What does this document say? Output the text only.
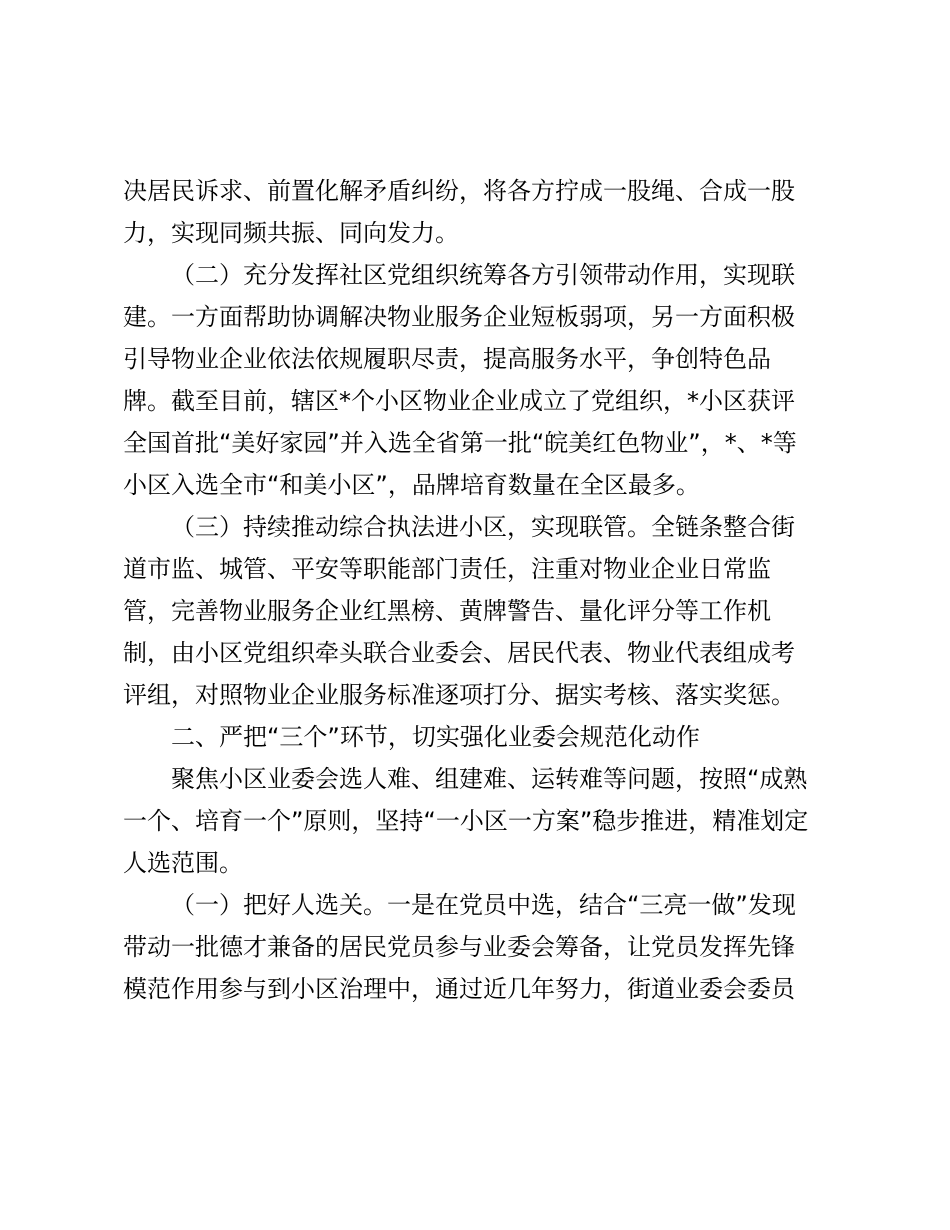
决居民诉求、前置化解矛盾纠纷，将各方拧成一股绳、合成一股
力，实现同频共振、同向发力。
（二）充分发挥社区党组织统筹各方引领带动作用，实现联
建。一方面帮助协调解决物业服务企业短板弱项，另一方面积极
引导物业企业依法依规履职尽责，提高服务水平，争创特色品
牌。截至目前，辖区*个小区物业企业成立了党组织，*小区获评
全国首批“美好家园”并入选全省第一批“皖美红色物业”，*、*等
小区入选全市“和美小区”，品牌培育数量在全区最多。
（三）持续推动综合执法进小区，实现联管。全链条整合街
道市监、城管、平安等职能部门责任，注重对物业企业日常监
管，完善物业服务企业红黑榜、黄牌警告、量化评分等工作机
制，由小区党组织牵头联合业委会、居民代表、物业代表组成考
评组，对照物业企业服务标准逐项打分、据实考核、落实奖惩。
二、严把“三个”环节，切实强化业委会规范化动作
聚焦小区业委会选人难、组建难、运转难等问题，按照“成熟
一个、培育一个”原则，坚持“一小区一方案”稳步推进，精准划定
人选范围。
（一）把好人选关。一是在党员中选，结合“三亮一做”发现
带动一批德才兼备的居民党员参与业委会筹备，让党员发挥先锋
模范作用参与到小区治理中，通过近几年努力，街道业委会委员
